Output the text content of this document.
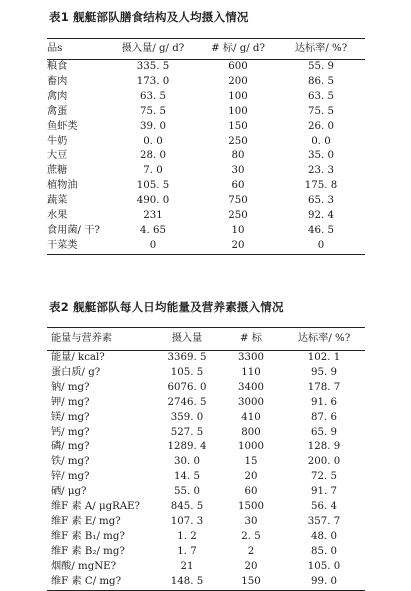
表1 舰艇部队膳食结构及人均摄入情况
品s	摄入量/ g/ d?	# 标/ g/ d?	达标率/ %?
粮食	335. 5	600	55. 9
畜肉	173. 0	200	86. 5
禽肉	63. 5	100	63. 5
禽蛋	75. 5	100	75. 5
鱼虾类	39. 0	150	26. 0
牛奶	0. 0	250	0. 0
大豆	28. 0	80	35. 0
蔗糖	7. 0	30	23. 3
植物油	105. 5	60	175. 8
蔬菜	490. 0	750	65. 3
水果	231	250	92. 4
食用菌/ 干?	4. 65	10	46. 5
干菜类	0	20	0
表2 舰艇部队每人日均能量及营养素摄入情况
能量与营养素	摄入量	# 标	达标率/ %?
能量/ kcal?	3369. 5	3300	102. 1
蛋白质/ g?	105. 5	110	95. 9
钠/ mg?	6076. 0	3400	178. 7
钾/ mg?	2746. 5	3000	91. 6
镁/ mg?	359. 0	410	87. 6
钙/ mg?	527. 5	800	65. 9
磷/ mg?	1289. 4	1000	128. 9
铁/ mg?	30. 0	15	200. 0
锌/ mg?	14. 5	20	72. 5
硒/ μg?	55. 0	60	91. 7
维F 素 A/ μgRAE?	845. 5	1500	56. 4
维F 素 E/ mg?	107. 3	30	357. 7
维F 素 B₁/ mg?	1. 2	2. 5	48. 0
维F 素 B₂/ mg?	1. 7	2	85. 0
烟酸/ mgNE?	21	20	105. 0
维F 素 C/ mg?	148. 5	150	99. 0
